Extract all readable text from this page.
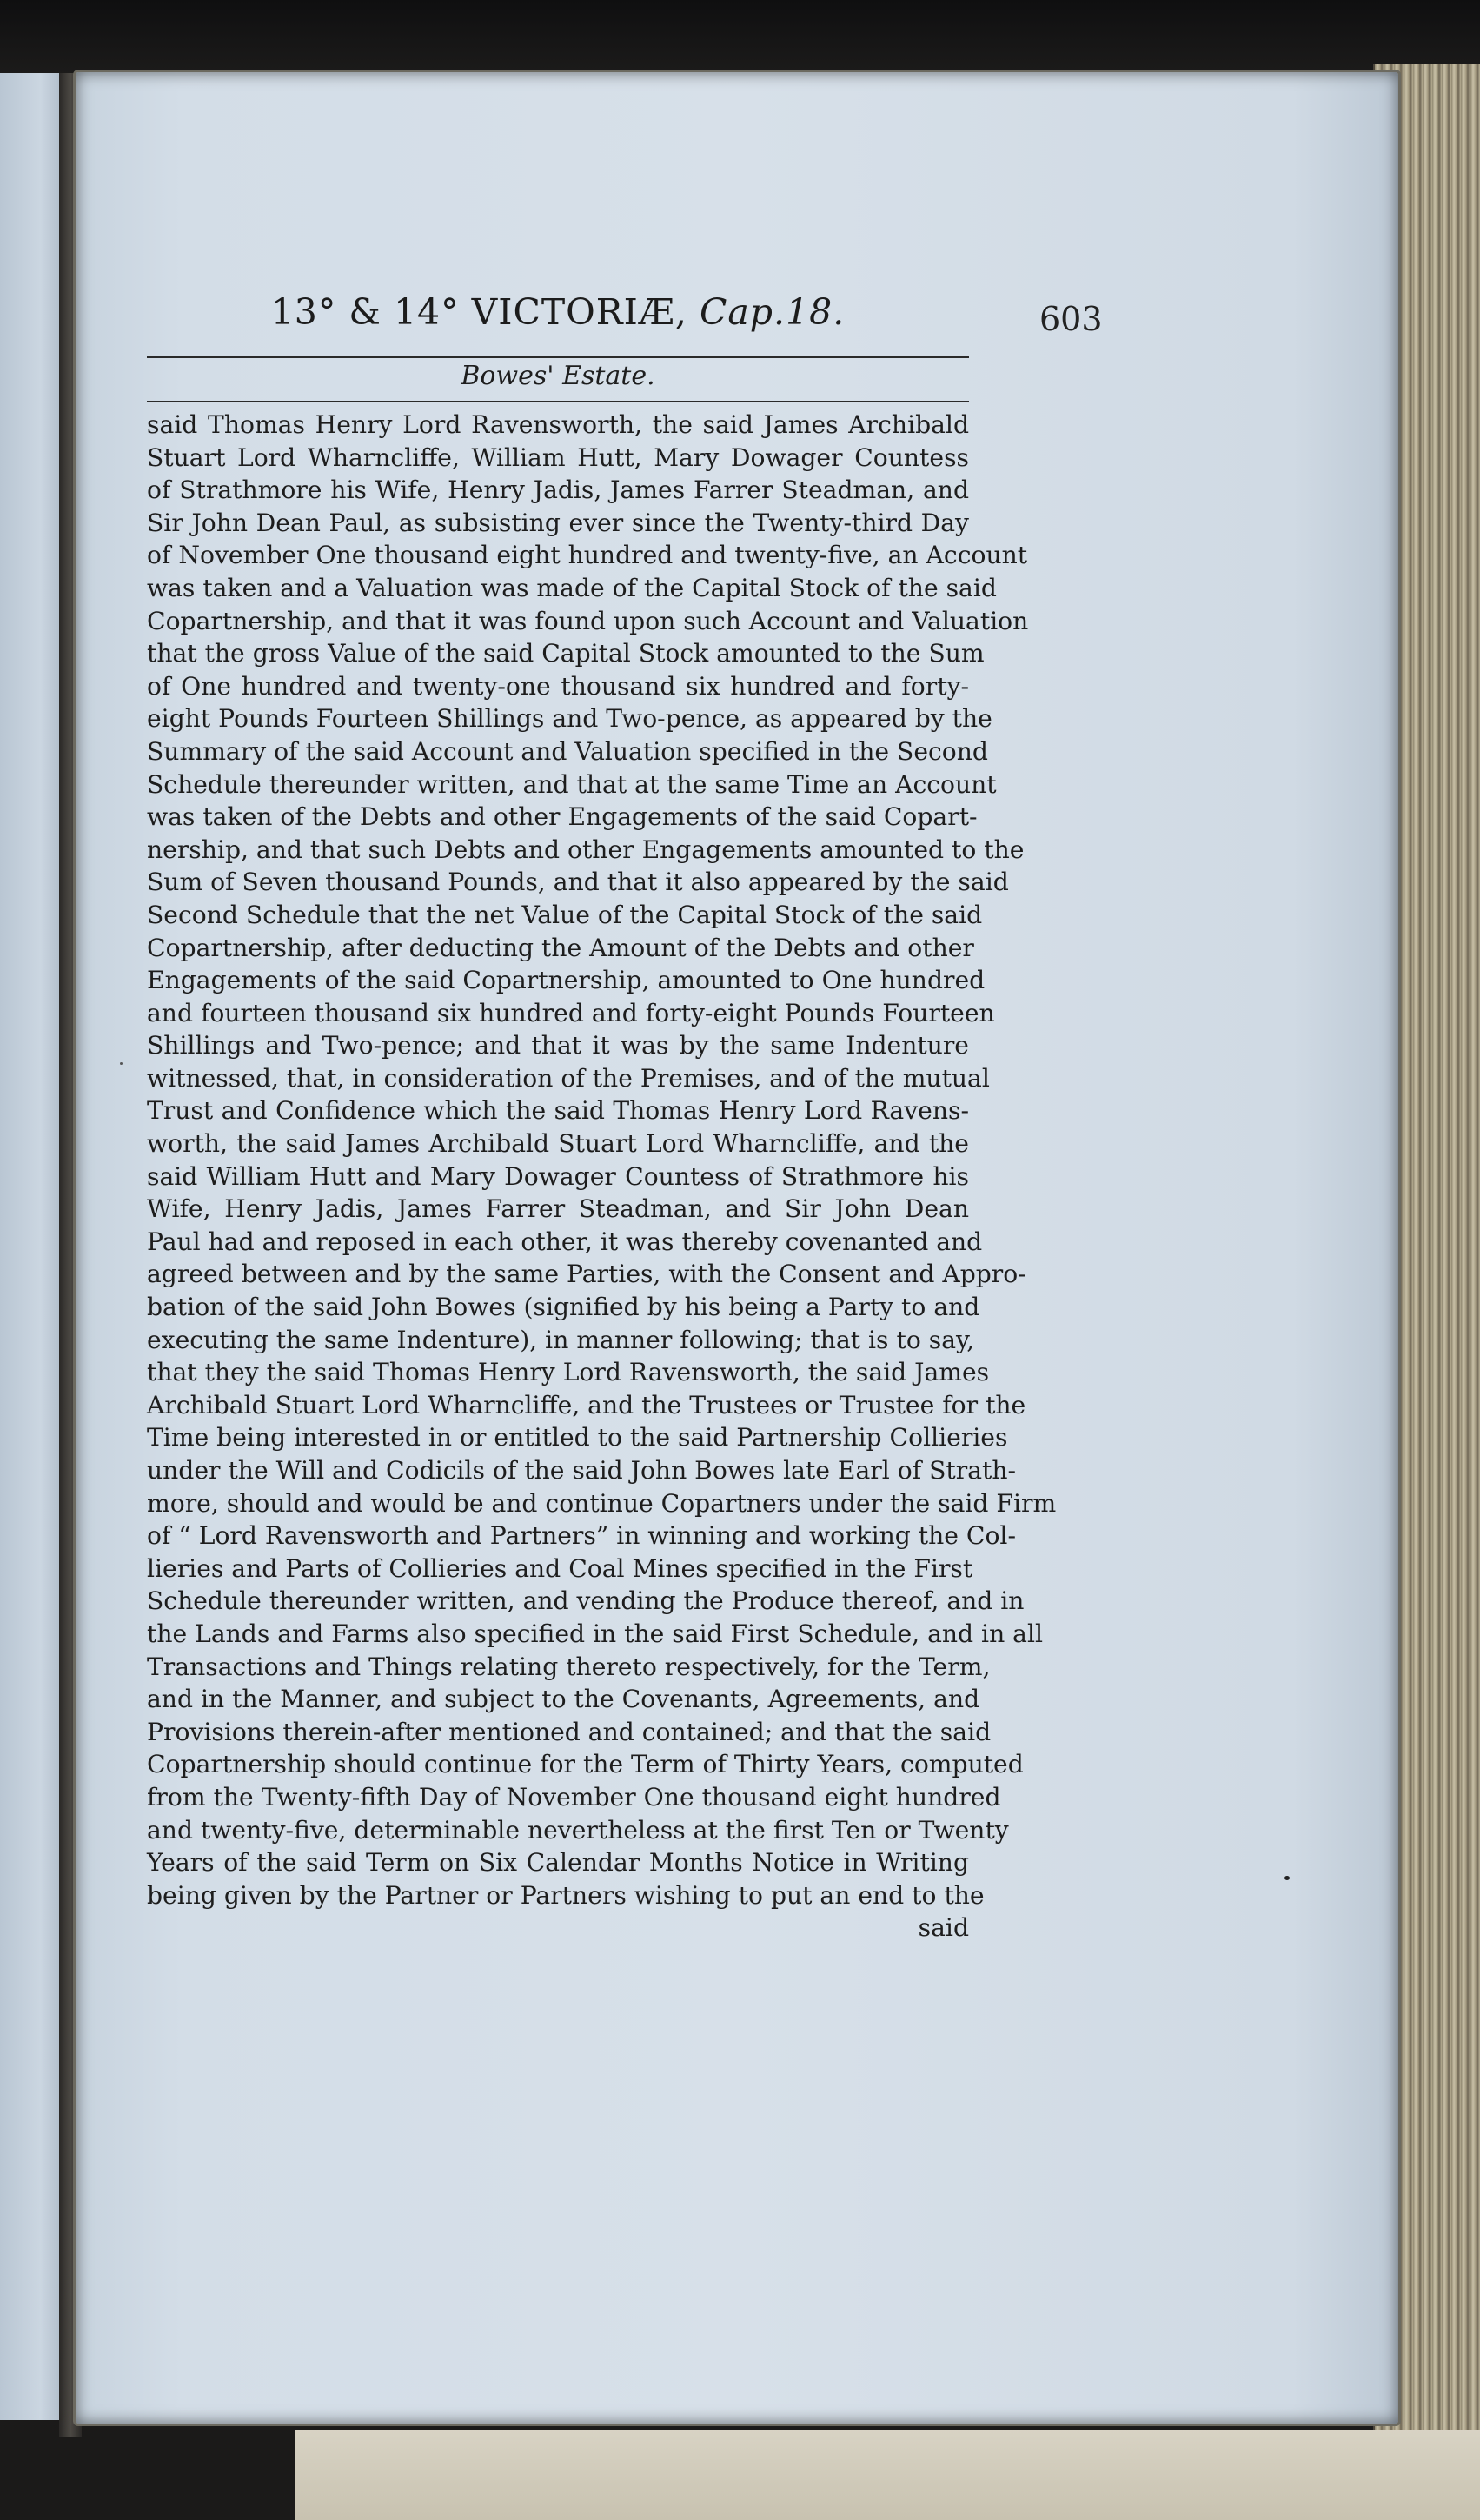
13° & 14° VICTORIÆ, Cap.18.	603
Bowes' Estate.
said Thomas Henry Lord Ravensworth, the said James Archibald
Stuart Lord Wharncliffe, William Hutt, Mary Dowager Countess
of Strathmore his Wife, Henry Jadis, James Farrer Steadman, and
Sir John Dean Paul, as subsisting ever since the Twenty-third Day
of November One thousand eight hundred and twenty-five, an Account
was taken and a Valuation was made of the Capital Stock of the said
Copartnership, and that it was found upon such Account and Valuation
that the gross Value of the said Capital Stock amounted to the Sum
of One hundred and twenty-one thousand six hundred and forty-
eight Pounds Fourteen Shillings and Two-pence, as appeared by the
Summary of the said Account and Valuation specified in the Second
Schedule thereunder written, and that at the same Time an Account
was taken of the Debts and other Engagements of the said Copart-
nership, and that such Debts and other Engagements amounted to the
Sum of Seven thousand Pounds, and that it also appeared by the said
Second Schedule that the net Value of the Capital Stock of the said
Copartnership, after deducting the Amount of the Debts and other
Engagements of the said Copartnership, amounted to One hundred
and fourteen thousand six hundred and forty-eight Pounds Fourteen
Shillings and Two-pence; and that it was by the same Indenture
witnessed, that, in consideration of the Premises, and of the mutual
Trust and Confidence which the said Thomas Henry Lord Ravens-
worth, the said James Archibald Stuart Lord Wharncliffe, and the
said William Hutt and Mary Dowager Countess of Strathmore his
Wife, Henry Jadis, James Farrer Steadman, and Sir John Dean
Paul had and reposed in each other, it was thereby covenanted and
agreed between and by the same Parties, with the Consent and Appro-
bation of the said John Bowes (signified by his being a Party to and
executing the same Indenture), in manner following; that is to say,
that they the said Thomas Henry Lord Ravensworth, the said James
Archibald Stuart Lord Wharncliffe, and the Trustees or Trustee for the
Time being interested in or entitled to the said Partnership Collieries
under the Will and Codicils of the said John Bowes late Earl of Strath-
more, should and would be and continue Copartners under the said Firm
of “ Lord Ravensworth and Partners” in winning and working the Col-
lieries and Parts of Collieries and Coal Mines specified in the First
Schedule thereunder written, and vending the Produce thereof, and in
the Lands and Farms also specified in the said First Schedule, and in all
Transactions and Things relating thereto respectively, for the Term,
and in the Manner, and subject to the Covenants, Agreements, and
Provisions therein-after mentioned and contained; and that the said
Copartnership should continue for the Term of Thirty Years, computed
from the Twenty-fifth Day of November One thousand eight hundred
and twenty-five, determinable nevertheless at the first Ten or Twenty
Years of the said Term on Six Calendar Months Notice in Writing
being given by the Partner or Partners wishing to put an end to the
said
